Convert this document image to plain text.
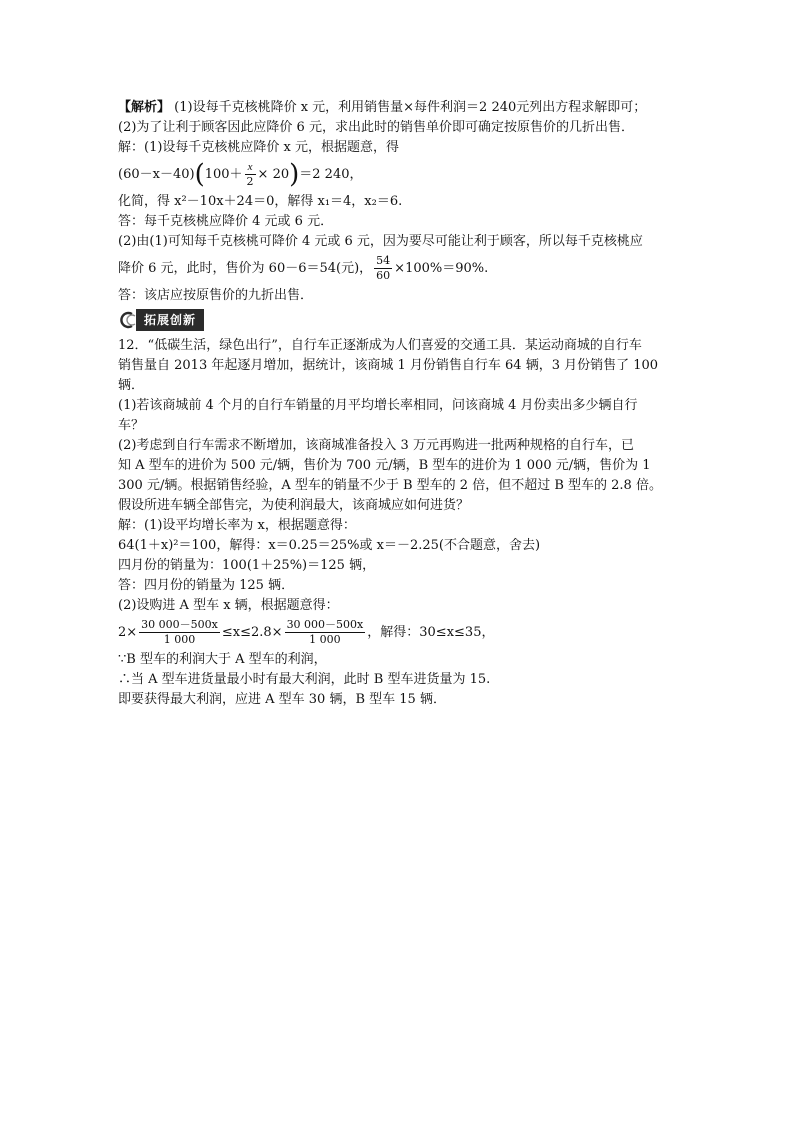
【解析】 (1)设每千克核桃降价 x 元，利用销售量×每件利润＝2 240元列出方程求解即可；
(2)为了让利于顾客因此应降价 6 元，求出此时的销售单价即可确定按原售价的几折出售．
解：(1)设每千克核桃应降价 x 元，根据题意，得
$(60-x-40)(100+ \frac{x}{2} \times 20)=2$ 240，
化简，得 x²－10x＋24＝0，解得 x₁＝4，x₂＝6.
答：每千克核桃应降价 4 元或 6 元．
(2)由(1)可知每千克核桃可降价 4 元或 6 元，因为要尽可能让利于顾客，所以每千克核桃应
降价 6 元，此时，售价为 60－6＝54(元)， $\frac{54}{60} \times 100\%=90\%$.
答：该店应按原售价的九折出售．
拓展创新
12．“低碳生活，绿色出行”，自行车正逐渐成为人们喜爱的交通工具．某运动商城的自行车
销售量自 2013 年起逐月增加，据统计，该商城 1 月份销售自行车 64 辆，3 月份销售了 100
辆．
(1)若该商城前 4 个月的自行车销量的月平均增长率相同，问该商城 4 月份卖出多少辆自行
车？
(2)考虑到自行车需求不断增加，该商城准备投入 3 万元再购进一批两种规格的自行车，已
知 A 型车的进价为 500 元/辆，售价为 700 元/辆，B 型车的进价为 1 000 元/辆，售价为 1
300 元/辆。根据销售经验，A 型车的销量不少于 B 型车的 2 倍，但不超过 B 型车的 2.8 倍。
假设所进车辆全部售完，为使利润最大，该商城应如何进货？
解：(1)设平均增长率为 x，根据题意得：
64(1＋x)²＝100，解得：x＝0.25＝25%或 x＝－2.25(不合题意，舍去)
四月份的销量为：100(1＋25%)＝125 辆，
答：四月份的销量为 125 辆．
(2)设购进 A 型车 x 辆，根据题意得：
$2\times \frac{30 000-500x}{1 000} \le x\le 2.8\times \frac{30 000-500x}{1 000}$ ，解得：30≤x≤35，
∵B 型车的利润大于 A 型车的利润，
∴当 A 型车进货量最小时有最大利润，此时 B 型车进货量为 15.
即要获得最大利润，应进 A 型车 30 辆，B 型车 15 辆．
